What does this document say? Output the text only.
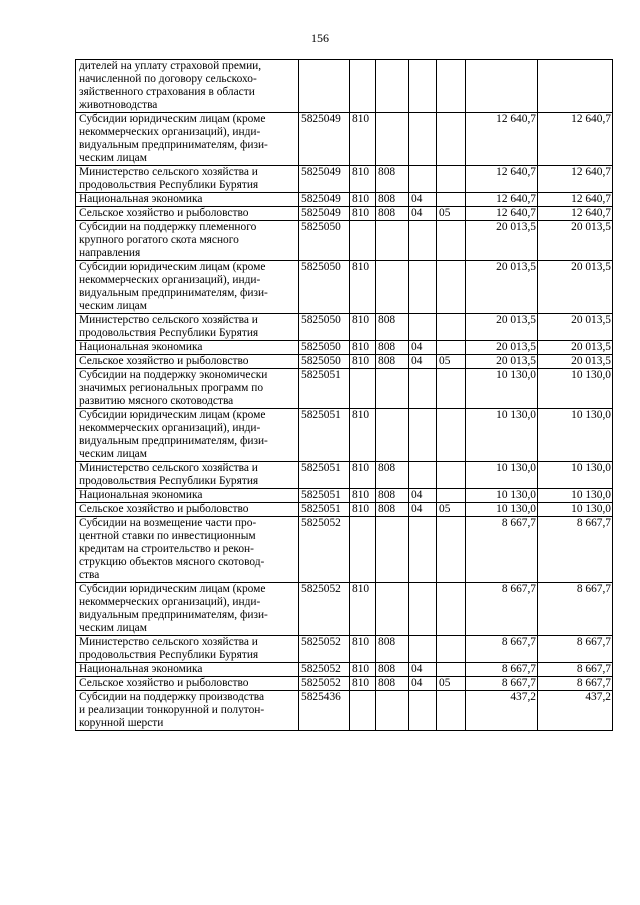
156
дителей на уплату страховой премии,
начисленной по договору сельскохо-
зяйственного страхования в области
животноводства							

Субсидии юридическим лицам (кроме
некоммерческих организаций), инди-
видуальным предпринимателям, физи-
ческим лицам	5825049	810				12 640,7	12 640,7

Министерство сельского хозяйства и
продовольствия Республики Бурятия	5825049	810	808			12 640,7	12 640,7

Национальная экономика	5825049	810	808	04		12 640,7	12 640,7

Сельское хозяйство и рыболовство	5825049	810	808	04	05	12 640,7	12 640,7

Субсидии на поддержку племенного
крупного рогатого скота мясного
направления	5825050					20 013,5	20 013,5

Субсидии юридическим лицам (кроме
некоммерческих организаций), инди-
видуальным предпринимателям, физи-
ческим лицам	5825050	810				20 013,5	20 013,5

Министерство сельского хозяйства и
продовольствия Республики Бурятия	5825050	810	808			20 013,5	20 013,5

Национальная экономика	5825050	810	808	04		20 013,5	20 013,5

Сельское хозяйство и рыболовство	5825050	810	808	04	05	20 013,5	20 013,5

Субсидии на поддержку экономически
значимых региональных программ по
развитию мясного скотоводства	5825051					10 130,0	10 130,0

Субсидии юридическим лицам (кроме
некоммерческих организаций), инди-
видуальным предпринимателям, физи-
ческим лицам	5825051	810				10 130,0	10 130,0

Министерство сельского хозяйства и
продовольствия Республики Бурятия	5825051	810	808			10 130,0	10 130,0

Национальная экономика	5825051	810	808	04		10 130,0	10 130,0

Сельское хозяйство и рыболовство	5825051	810	808	04	05	10 130,0	10 130,0

Субсидии на возмещение части про-
центной ставки по инвестиционным
кредитам на строительство и рекон-
струкцию объектов мясного скотовод-
ства	5825052					8 667,7	8 667,7

Субсидии юридическим лицам (кроме
некоммерческих организаций), инди-
видуальным предпринимателям, физи-
ческим лицам	5825052	810				8 667,7	8 667,7

Министерство сельского хозяйства и
продовольствия Республики Бурятия	5825052	810	808			8 667,7	8 667,7

Национальная экономика	5825052	810	808	04		8 667,7	8 667,7

Сельское хозяйство и рыболовство	5825052	810	808	04	05	8 667,7	8 667,7

Субсидии на поддержку производства
и реализации тонкорунной и полутон-
корунной шерсти	5825436					437,2	437,2
